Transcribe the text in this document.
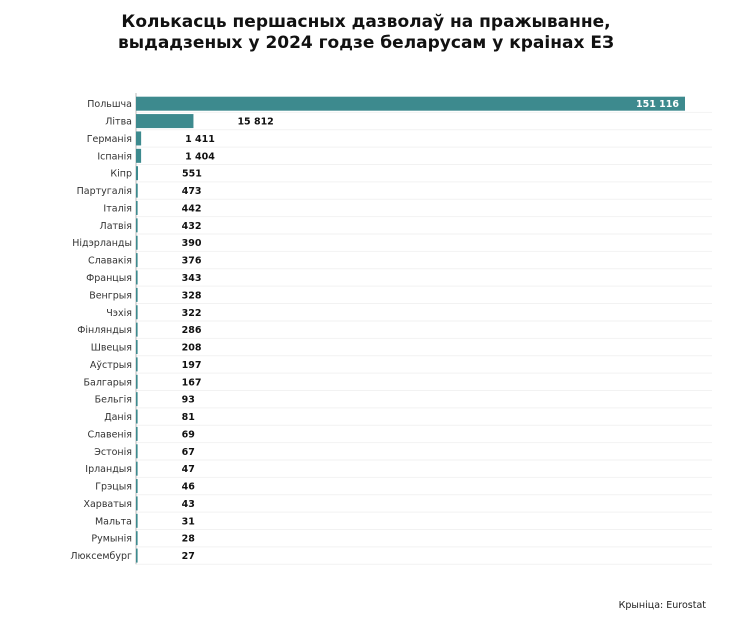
Колькасць першасных дазволаў на пражыванне,
выдадзеных у 2024 годзе беларусам у краінах ЕЗ
Польшча
Літва
Германія
Іспанія
Кіпр
Партугалія
Італія
Латвія
Нідэрланды
Славакія
Францыя
Венгрыя
Чэхія
Фінляндыя
Швецыя
Аўстрыя
Балгарыя
Бельгія
Данія
Славенія
Эстонія
Ірландыя
Грэцыя
Харватыя
Мальта
Румынія
Люксембург
151 116
15 812
1 411
1 404
551
473
442
432
390
376
343
328
322
286
208
197
167
93
81
69
67
47
46
43
31
28
27
Крыніца: Eurostat
